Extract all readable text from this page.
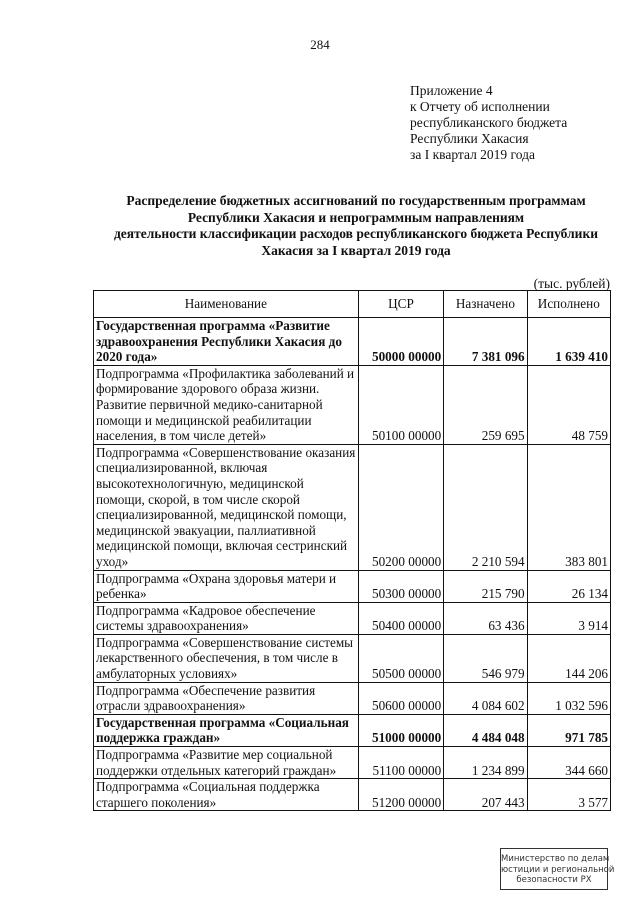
284
Приложение 4
к Отчету об исполнении
республиканского бюджета
Республики Хакасия
за I квартал 2019 года
Распределение бюджетных ассигнований по государственным программам
Республики Хакасия и непрограммным направлениям
деятельности классификации расходов республиканского бюджета Республики
Хакасия за I квартал 2019 года
(тыс. рублей)
Наименование	ЦСР	Назначено	Исполнено
Государственная программа «Развитие здравоохранения Республики Хакасия до 2020 года»	50000 00000	7 381 096	1 639 410
Подпрограмма «Профилактика заболеваний и формирование здорового образа жизни. Развитие первичной медико-санитарной помощи и медицинской реабилитации населения, в том числе детей»	50100 00000	259 695	48 759
Подпрограмма «Совершенствование оказания специализированной, включая высокотехнологичную, медицинской помощи, скорой, в том числе скорой специализированной, медицинской помощи, медицинской эвакуации, паллиативной медицинской помощи, включая сестринский уход»	50200 00000	2 210 594	383 801
Подпрограмма «Охрана здоровья матери и ребенка»	50300 00000	215 790	26 134
Подпрограмма «Кадровое обеспечение системы здравоохранения»	50400 00000	63 436	3 914
Подпрограмма «Совершенствование системы лекарственного обеспечения, в том числе в амбулаторных условиях»	50500 00000	546 979	144 206
Подпрограмма «Обеспечение развития отрасли здравоохранения»	50600 00000	4 084 602	1 032 596
Государственная программа «Социальная поддержка граждан»	51000 00000	4 484 048	971 785
Подпрограмма «Развитие мер социальной поддержки отдельных категорий граждан»	51100 00000	1 234 899	344 660
Подпрограмма «Социальная поддержка старшего поколения»	51200 00000	207 443	3 577
Министерство по делам
юстиции и региональной
безопасности РХ
